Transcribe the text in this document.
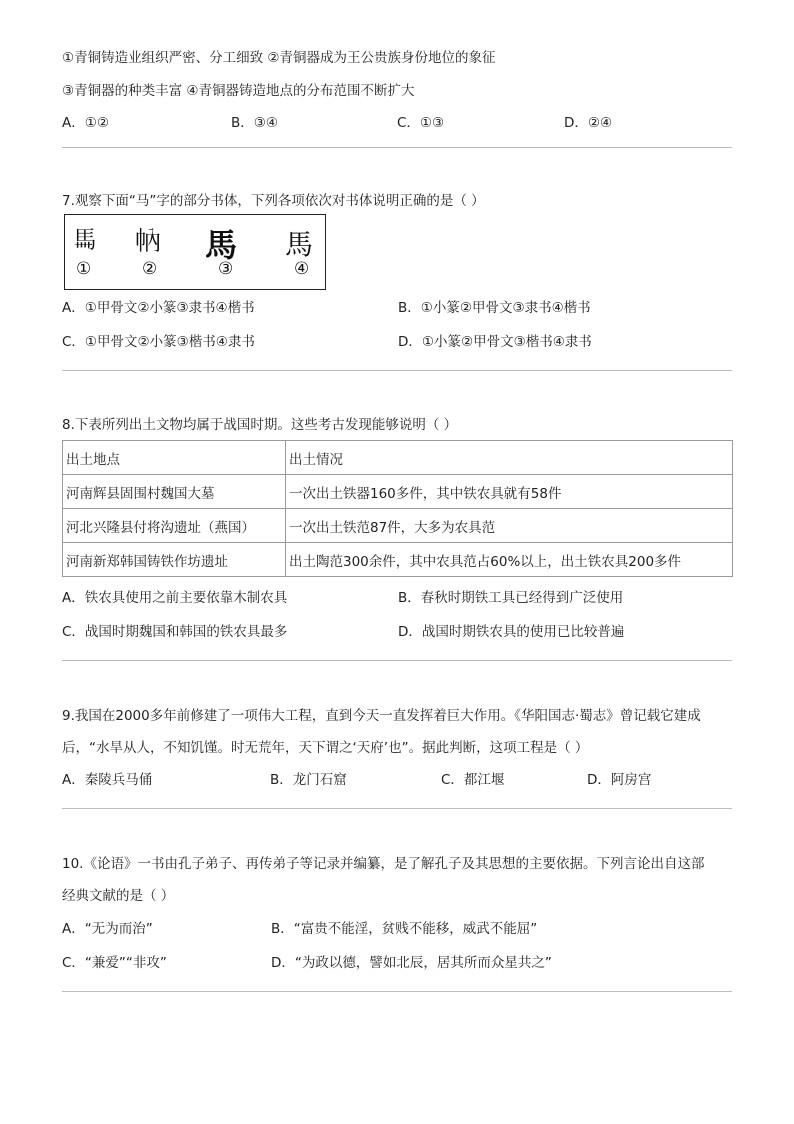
①青铜铸造业组织严密、分工细致 ②青铜器成为王公贵族身份地位的象征
③青铜器的种类丰富 ④青铜器铸造地点的分布范围不断扩大
A．①②	B．③④	C．①③	D．②④
7.观察下面“马”字的部分书体，下列各项依次对书体说明正确的是（ ）
𩡧 𢁩 馬 馬
①	②	③	④
A．①甲骨文②小篆③隶书④楷书	B．①小篆②甲骨文③隶书④楷书
C．①甲骨文②小篆③楷书④隶书	D．①小篆②甲骨文③楷书④隶书
8.下表所列出土文物均属于战国时期。这些考古发现能够说明（ ）
出土地点	出土情况
河南辉县固围村魏国大墓	一次出土铁器160多件，其中铁农具就有58件
河北兴隆县付将沟遗址（燕国）	一次出土铁范87件，大多为农具范
河南新郑韩国铸铁作坊遗址	出土陶范300余件，其中农具范占60%以上，出土铁农具200多件
A．铁农具使用之前主要依靠木制农具	B．春秋时期铁工具已经得到广泛使用
C．战国时期魏国和韩国的铁农具最多	D．战国时期铁农具的使用已比较普遍
9.我国在2000多年前修建了一项伟大工程，直到今天一直发挥着巨大作用。《华阳国志·蜀志》曾记载它建成
后，“水旱从人，不知饥馑。时无荒年，天下谓之‘天府’也”。据此判断，这项工程是（ ）
A．秦陵兵马俑	B．龙门石窟	C．都江堰	D．阿房宫
10.《论语》一书由孔子弟子、再传弟子等记录并编纂，是了解孔子及其思想的主要依据。下列言论出自这部
经典文献的是（ ）
A．“无为而治”	B．“富贵不能淫，贫贱不能移，威武不能屈”
C．“兼爱”“非攻”	D．“为政以德，譬如北辰，居其所而众星共之”
